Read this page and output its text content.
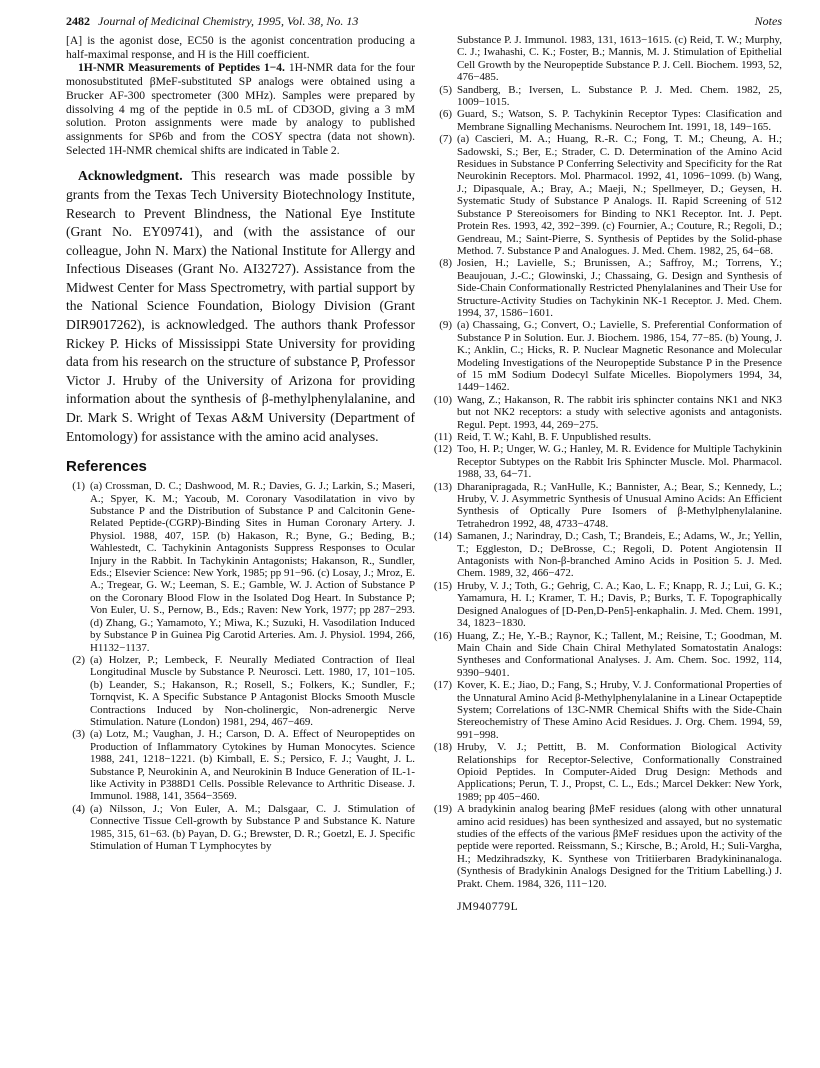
2482 Journal of Medicinal Chemistry, 1995, Vol. 38, No. 13	Notes

[A] is the agonist dose, EC50 is the agonist concentration producing a half-maximal response, and H is the Hill coefficient.

1H-NMR Measurements of Peptides 1−4. 1H-NMR data for the four monosubstituted βMeF-substituted SP analogs were obtained using a Brucker AF-300 spectrometer (300 MHz). Samples were prepared by dissolving 4 mg of the peptide in 0.5 mL of CD3OD, giving a 3 mM solution. Proton assignments were made by analogy to published assignments for SP6b and from the COSY spectra (data not shown). Selected 1H-NMR chemical shifts are indicated in Table 2.

Acknowledgment. This research was made possible by grants from the Texas Tech University Biotechnology Institute, Research to Prevent Blindness, the National Eye Institute (Grant No. EY09741), and (with the assistance of our colleague, John N. Marx) the National Institute for Allergy and Infectious Diseases (Grant No. AI32727). Assistance from the Midwest Center for Mass Spectrometry, with partial support by the National Science Foundation, Biology Division (Grant DIR9017262), is acknowledged. The authors thank Professor Rickey P. Hicks of Mississippi State University for providing data from his research on the structure of substance P, Professor Victor J. Hruby of the University of Arizona for providing information about the synthesis of β-methylphenylalanine, and Dr. Mark S. Wright of Texas A&M University (Department of Entomology) for assistance with the amino acid analyses.

References
(1) (a) Crossman, D. C.; Dashwood, M. R.; Davies, G. J.; Larkin, S.; Maseri, A.; Spyer, K. M.; Yacoub, M. Coronary Vasodilatation in vivo by Substance P and the Distribution of Substance P and Calcitonin Gene-Related Peptide-(CGRP)-Binding Sites in Human Coronary Artery. J. Physiol. 1988, 407, 15P. (b) Hakason, R.; Byne, G.; Beding, B.; Wahlestedt, C. Tachykinin Antagonists Suppress Responses to Ocular Injury in the Rabbit. In Tachykinin Antagonists; Hakanson, R., Sundler, Eds.; Elsevier Science: New York, 1985; pp 91−96. (c) Losay, J.; Mroz, E. A.; Tregear, G. W.; Leeman, S. E.; Gamble, W. J. Action of Substance P on the Coronary Blood Flow in the Isolated Dog Heart. In Substance P; Von Euler, U. S., Pernow, B., Eds.; Raven: New York, 1977; pp 287−293. (d) Zhang, G.; Yamamoto, Y.; Miwa, K.; Suzuki, H. Vasodilation Induced by Substance P in Guinea Pig Carotid Arteries. Am. J. Physiol. 1994, 266, H1132−1137.
(2) (a) Holzer, P.; Lembeck, F. Neurally Mediated Contraction of Ileal Longitudinal Muscle by Substance P. Neurosci. Lett. 1980, 17, 101−105. (b) Leander, S.; Hakanson, R.; Rosell, S.; Folkers, K.; Sundler, F.; Tornqvist, K. A Specific Substance P Antagonist Blocks Smooth Muscle Contractions Induced by Non-cholinergic, Non-adrenergic Nerve Stimulation. Nature (London) 1981, 294, 467−469.
(3) (a) Lotz, M.; Vaughan, J. H.; Carson, D. A. Effect of Neuropeptides on Production of Inflammatory Cytokines by Human Monocytes. Science 1988, 241, 1218−1221. (b) Kimball, E. S.; Persico, F. J.; Vaught, J. L. Substance P, Neurokinin A, and Neurokinin B Induce Generation of IL-1-like Activity in P388D1 Cells. Possible Relevance to Arthritic Disease. J. Immunol. 1988, 141, 3564−3569.
(4) (a) Nilsson, J.; Von Euler, A. M.; Dalsgaar, C. J. Stimulation of Connective Tissue Cell-growth by Substance P and Substance K. Nature 1985, 315, 61−63. (b) Payan, D. G.; Brewster, D. R.; Goetzl, E. J. Specific Stimulation of Human T Lymphocytes by
Substance P. J. Immunol. 1983, 131, 1613−1615. (c) Reid, T. W.; Murphy, C. J.; Iwahashi, C. K.; Foster, B.; Mannis, M. J. Stimulation of Epithelial Cell Growth by the Neuropeptide Substance P. J. Cell. Biochem. 1993, 52, 476−485.
(5) Sandberg, B.; Iversen, L. Substance P. J. Med. Chem. 1982, 25, 1009−1015.
(6) Guard, S.; Watson, S. P. Tachykinin Receptor Types: Clasification and Membrane Signalling Mechanisms. Neurochem Int. 1991, 18, 149−165.
(7) (a) Cascieri, M. A.; Huang, R.-R. C.; Fong, T. M.; Cheung, A. H.; Sadowski, S.; Ber, E.; Strader, C. D. Determination of the Amino Acid Residues in Substance P Conferring Selectivity and Specificity for the Rat Neurokinin Receptors. Mol. Pharmacol. 1992, 41, 1096−1099. (b) Wang, J.; Dipasquale, A.; Bray, A.; Maeji, N.; Spellmeyer, D.; Geysen, H. Systematic Study of Substance P Analogs. II. Rapid Screening of 512 Substance P Stereoisomers for Binding to NK1 Receptor. Int. J. Pept. Protein Res. 1993, 42, 392−399. (c) Fournier, A.; Couture, R.; Regoli, D.; Gendreau, M.; Saint-Pierre, S. Synthesis of Peptides by the Solid-phase Method. 7. Substance P and Analogues. J. Med. Chem. 1982, 25, 64−68.
(8) Josien, H.; Lavielle, S.; Brunissen, A.; Saffroy, M.; Torrens, Y.; Beaujouan, J.-C.; Glowinski, J.; Chassaing, G. Design and Synthesis of Side-Chain Conformationally Restricted Phenylalanines and Their Use for Structure-Activity Studies on Tachykinin NK-1 Receptor. J. Med. Chem. 1994, 37, 1586−1601.
(9) (a) Chassaing, G.; Convert, O.; Lavielle, S. Preferential Conformation of Substance P in Solution. Eur. J. Biochem. 1986, 154, 77−85. (b) Young, J. K.; Anklin, C.; Hicks, R. P. Nuclear Magnetic Resonance and Molecular Modeling Investigations of the Neuropeptide Substance P in the Presence of 15 mM Sodium Dodecyl Sulfate Micelles. Biopolymers 1994, 34, 1449−1462.
(10) Wang, Z.; Hakanson, R. The rabbit iris sphincter contains NK1 and NK3 but not NK2 receptors: a study with selective agonists and antagonists. Regul. Pept. 1993, 44, 269−275.
(11) Reid, T. W.; Kahl, B. F. Unpublished results.
(12) Too, H. P.; Unger, W. G.; Hanley, M. R. Evidence for Multiple Tachykinin Receptor Subtypes on the Rabbit Iris Sphincter Muscle. Mol. Pharmacol. 1988, 33, 64−71.
(13) Dharanipragada, R.; VanHulle, K.; Bannister, A.; Bear, S.; Kennedy, L.; Hruby, V. J. Asymmetric Synthesis of Unusual Amino Acids: An Efficient Synthesis of Optically Pure Isomers of β-Methylphenylalanine. Tetrahedron 1992, 48, 4733−4748.
(14) Samanen, J.; Narindray, D.; Cash, T.; Brandeis, E.; Adams, W., Jr.; Yellin, T.; Eggleston, D.; DeBrosse, C.; Regoli, D. Potent Angiotensin II Antagonists with Non-β-branched Amino Acids in Position 5. J. Med. Chem. 1989, 32, 466−472.
(15) Hruby, V. J.; Toth, G.; Gehrig, C. A.; Kao, L. F.; Knapp, R. J.; Lui, G. K.; Yamamura, H. I.; Kramer, T. H.; Davis, P.; Burks, T. F. Topographically Designed Analogues of [D-Pen,D-Pen5]-enkaphalin. J. Med. Chem. 1991, 34, 1823−1830.
(16) Huang, Z.; He, Y.-B.; Raynor, K.; Tallent, M.; Reisine, T.; Goodman, M. Main Chain and Side Chain Chiral Methylated Somatostatin Analogs: Syntheses and Conformational Analyses. J. Am. Chem. Soc. 1992, 114, 9390−9401.
(17) Kover, K. E.; Jiao, D.; Fang, S.; Hruby, V. J. Conformational Properties of the Unnatural Amino Acid β-Methylphenylalanine in a Linear Octapeptide System; Correlations of 13C-NMR Chemical Shifts with the Side-Chain Stereochemistry of These Amino Acid Residues. J. Org. Chem. 1994, 59, 991−998.
(18) Hruby, V. J.; Pettitt, B. M. Conformation Biological Activity Relationships for Receptor-Selective, Conformationally Constrained Opioid Peptides. In Computer-Aided Drug Design: Methods and Applications; Perun, T. J., Propst, C. L., Eds.; Marcel Dekker: New York, 1989; pp 405−460.
(19) A bradykinin analog bearing βMeF residues (along with other unnatural amino acid residues) has been synthesized and assayed, but no systematic studies of the effects of the various βMeF residues upon the activity of the peptide were reported. Reissmann, S.; Kirsche, B.; Arold, H.; Suli-Vargha, H.; Medzihradszky, K. Synthese von Tritiierbaren Bradykininanaloga. (Synthesis of Bradykinin Analogs Designed for the Tritium Labelling.) J. Prakt. Chem. 1984, 326, 111−120.
JM940779L
